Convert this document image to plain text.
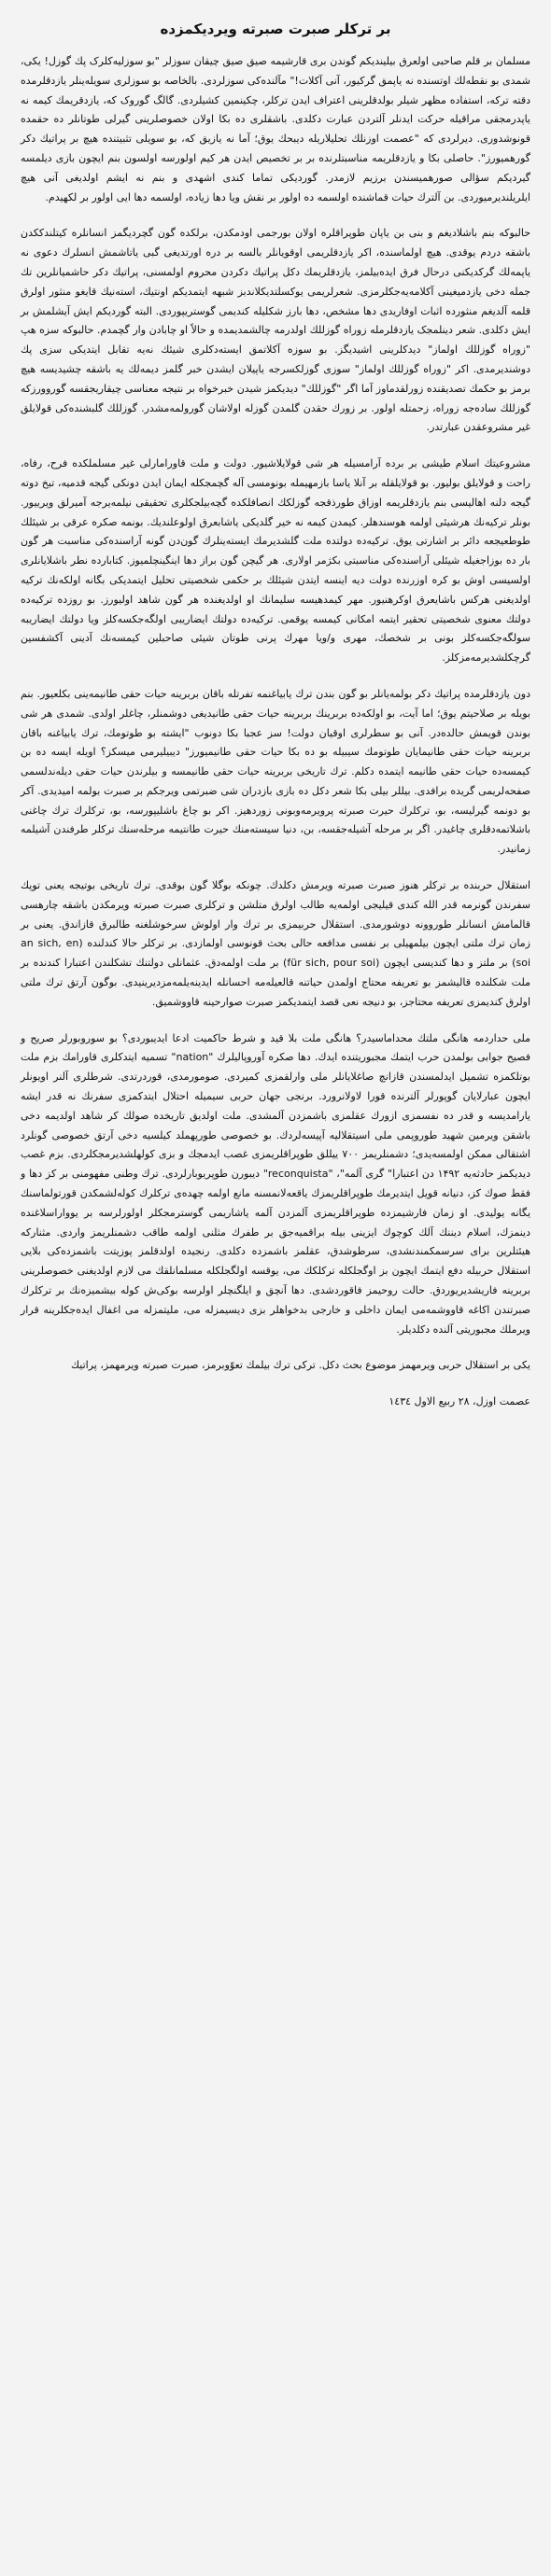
بر ترکلر صبرت صبرته ویردیکمزده

مسلمان بر قلم صاحبی اولعرق بیلیندیکم گوندن بری قارشیمه صیق صیق چیقان سوزلر "بو سوزلیه‌کلرک پك گوزل! یکی، شمدی بو نقطه‌لك اوتسنده نه یاپمق گرکیور، آنی آکلات!" مآلنده‌کی سوزلردی. بالخاصه بو سوزلری سویله‌ینلر یازدقلرمده دقته ترکه، استفاده مظهر شیلر بولدقلرینی اعتراف ایدن ترکلر، چکینمین کشیلردی. گالگ گوروک که، یازدقریمك کیمه نه یاپدرمجقی مراقیله حرکت ایدنلر آلتردن عبارت دکلدی. باشقلری ده بکا اولان خصوصلرینی گیرلی طوتانلر ده حقمده قونوشدوری. دیرلردی که "عصمت اوزنلك تحلیلاریله دیبحك یوق؛ آما نه یازیق که، بو سویلی تثبیتنده هیچ بر پراتیك دکر گورهمیورز". حاصلی بکا و یازدقلریمه مناسبتلرنده بر بر تخصیص ایدن هر کیم اولورسه اولسون بنم ایچون بازی دیلمسه گیردیکم سؤالی صورهمیسندن برزیم لازمدر. گوردیکی تماما کندی اشهدی و بنم نه ایشم اولدیغی آنی هیچ ایلریلندیرمیوردی. بن آلترك حیات قماشنده اولسمه ده اولور بر نقش ویا دها زیاده، اولسمه دها ایی اولور بر لکهیدم.

حالبوکه بنم باشلادیغم و بنی بن یاپان طوپراقلره اولان بورجمی اودمکدن، برلکده گون گچردیگمز انسانلره کیتلندککدن باشقه دردم یوقدی. هیچ اولماسنده، اکر یازدقلریمی اوقویانلر بالسه بر دره اورتدیغی گبی یاتاشمش انسلرك دعوی نه یاپمه‌لك گرکدیکنی درحال فرق ایده‌بیلمز، یازدقلریمك دکل پراتیك دکردن محروم اولمسنی، پراتیك دکر حاشمیانلرین تك جمله دخی یازدمیغینی آکلامه‌یه‌جکلرمزی. شعرلریمی یوکسلتدیکلاندبز شبهه ایتمدیکم اونتیك، استه‌نیك قایغو منثور اولرق قلمه آلدیغم منثورده اثبات اوفاریدی دها مشخص، دها بارز شکلیله کندیمی گوستریپوردی. البته گوردیکم ایش آیشلمش بر ایش دکلدی. شعر دینلمجک یازدقلرمله زوراه گوزللك اولدرمه چالشمدیمده و حالاً او چابادن وار گچمدم. حالبوکه سزه هپ "زوراه گوزللك اولماز" دیدکلرینی اشیدیگز. بو سوزه آکلاتمق ایسته‌دکلری شیئك نه‌یه تقابل ایتدیکی سزی پك دوشندیرمدی. اکر "زوراه گوزللك اولماز" سوزی گوزلکسرجه یاپیلان ایشدن خبر گلمز دیمه‌لك یه باشقه چشیدیسه هیچ برمز بو حکمك تصدیقنده زورلقدماوز آما اگر "گوزللك" دیدیکمز شیدن خبرخواه بر نتیجه معناسی چیقاریجقسه گوروورزکه گوزللك ساده‌جه زوراه، زحمتله اولور. بر زورك حقدن گلمدن گوزله اولاشان گورولمه‌مشدر. گوزللك گلبشنده‌کی قولایلق غیر مشروعقدن عبارتدر.

مشروعیتك اسلام طیشی بر برده آرامسیله هر شی قولایلاشیور. دولت و ملت قاورامارلی غیر مسلملکده فرح، رفاه، راحت و قولایلق بولیور. بو قولایلقله بر آنلا یاسا بازمهیمله بونومسی آله گچمجکله ایمان ایدن دونکی گیجه قدمیه، تبخ دوته گیجه دلنه اهالیسی بنم یازدقلریمه اوزاق طورذقجه گوزلکك انصافلکده گچه‌بیلجکلری تحقیقی نیلمه‌یرجه آمیرلق ویرییور. بونلر ترکیه‌نك هرشیئی اولمه هوسندهلر. کیمدن کیمه نه خیر گلدیکی یاشابعرق اولوعلندیك. بونمه صکره عرقی بر شیئلك طوطعیجعه دائر بر اشارتی یوق. ترکیه‌ده دولتده ملت گلشدیرمك ایسته‌ینلرك گون‌دن گونه آراسنده‌کی مناسبت هر گون بار ده بوزاجغیله شیئلی آراسنده‌کی مناسبتی بکژمر اولاری. هر گیچن گون براز دها اینگینچلمیوز. کتابارده نطر باشلایانلری اولسیسی اوش بو کره اوزرنده دولت دیه اینسه ایتدن شیئلك بر حکمی شخصیتی تحلیل ایتمدیکی بگانه اولکه‌نك ترکیه اولدیغنی هرکس باشایعرق اوکرهنیور. مهر کیمدهیسه سلیمانك او اولدیغنده هر گون شاهد اولیورز. بو روزده ترکیه‌ده دولتك معنوی شخصیتی تحقیر ایتمه امکانی کیمسه یوقمی. ترکیه‌ده دولتك ایضاریبی اولگه‌جکسه‌کلز ویا دولتك ایضاریبه سولگه‌جکسه‌کلز بونی بر شخصك، مهری و/ویا مهرك پرنی طوتان شیئی صاحبلین کیمسه‌نك آدینی آکشفسین گرچکلشدیرمه‌مزکلز.

دون یازدقلرمده پراتیك دکر بولمه‌یانلر بو گون بندن ترك یابیاغنمه تفرتله باقان بربرینه حیات حقی طانیمه‌ینی بکلعیور. بنم بویله بر صلاحیتم یوق؛ اما آیت، بو اولکه‌ده بربرینك بربرینه حیات حقی طانیدیغی دوشمنلر، چاغلر اولدی. شمدی هر شی بوندن قویمش حالده‌در. آنی بو سطرلری اوقیان دولت! سز عجبا بکا دونوب "ایشته بو طوتومك، ترك یابیاغنه باقان بربرینه حیات حقی طانیمایان طوتومك سیبیله بو ده بکا حیات حقی طانیمیورز" دیبیلیرمی میسکز؟ اویله ایسه ده بن کیمسه‌ده حیات حقی طانیمه ایتمده دکلم. ترك تاریخی بربرینه حیات حقی طانیمسه و بیلرندن حیات حقی دیله‌ندلسمی صفحه‌لریمی گریده برافدی. بیللر بیلی بکا شعر دکل ده بازی بازدران شی ضبرتمی ویرجکم بر صبرت بولمه امیدیدی. آکر بو دونمه گیرلیسه، بو، ترکلرك حیرت صبرته پرویرمه‌وبونی زوردهیز. اکر بو چاغ باشلیپورسه، بو، ترکلرك ترك چاغنی باشلاتمه‌دقلری چاغیدر. اگر بر مرحله آشیله‌جقسه، بن، دنیا سیسته‌منك حیرت طانتیمه مرحله‌سنك ترکلر طرفندن آشیلمه زمانیدر.

استقلال حربنده بر ترکلر هنوز صبرت صبرته ویرمش دکلدك. چونکه بوگلا گون بوقدی. ترك تاریخی بوتیجه یعنی توپك سفرندن گونرمه قدر الله کندی قیلیجی اولمه‌یه طالب اولرق متلشن و ترکلری صبرت صبرته ویرمکدن باشقه چارهسی قالمامش انسانلر طوروونه دوشورمدی. استقلال حربیمزی بر ترك وار اولوش سرخوشلغنه طالبرق قازاندق. یعنی بر زمان ترك ملتی ایچون بیلمهیلی بر نفسی مدافعه حالی بحث قونوسی اولمازدی. بر ترکلر حالا کندلنده (an sich, en soi) بر ملتز و دها کندیسی ایچون (für sich, pour soi) بر ملت اولمه‌دق. عثمانلی دولتنك تشکلندن اعتبارا کندنده بر ملت شکلنده قالیشمز بو تعریفه محتاج اولمدن حیاتنه قالعیله‌مه احسانله ایدینه‌یلمه‌مزدیرینیدی. بوگون آرتق ترك ملتی اولرق کندیمزی تعریفه محتاجز، بو دنیجه نعی قصد ایتمدیکمز صبرت صوارحینه قاووشمیق.

ملی حداردمه هانگی ملتك محداماسیدر؟ هانگی ملت بلا قید و شرط حاکمیت ادعا ایدیبوردی؟ بو سوروبورلر صریح و فصیح جوابی بولمدن حرب ایتمك مجبوریتنده ایدك. دها صکره آوروپالیلرك "nation" تسمیه ایتدکلری قاورامك بزم ملت بوتلکمزه تشمیل ایدلمسندن قازانچ صاغلایانلر ملی وارلقمزی کمیردی. صومورمدی، قوردرتدی. شرطلری آلنر اویونلر ایچون عبارلایان گوپورلر آلترنده قورا لاولانرورد. برنجی جهان حربی سیمیله احتلال ایتدکمزی سفرنك نه قدر ایشه یارامدیسه و قدر ده نفسمزی ازورك عقلمزی باشمزدن آلمشدی. ملت اولدیق تاریخده صولك کر شاهد اولدیمه دخی باشقن ویرمین شهید طوروپمی ملی اسیتقلالیه آپیسه‌لردك. بو خصوصی طورپهملد کیلسیه دخی آرتق خصوصی گونلرد اشتقالی ممکن اولمسه‌یدی؛ دشمنلریمز ۷۰۰ ییللق طوپراقلریمزی غصب ایدمجك و بزی کولهلشدیرمجکلردی. بزم غصب دیدیکمز حادثه‌یه ۱۴۹۲ دن اعتبارا" گری آلمه"، "reconquista" دیبورن طوپریوبارلردی. ترك وطنی مفهومنی بر کز دها و فقط صوك کز، دنیانه قویل ایتدیرمك طوپراقلریمزك یاقعه‌لانمسنه مانع اولمه چهده‌ی ترکلرك کوله‌لشمکدن قورتولماسنك یگانه یولیدی. او زمان فارشیمزده طوپراقلریمزی آلمزدن آلمه یاشاریمی گوسترمجکلر اولورلرسه بر یوواراسلاغنده دینمزك، اسلام دیننك آلك کوچوك ایزینی بیله براقمیه‌جق بر طفرك مثلنی اولمه طاقب دشمنلریمز واردی. مثنارکه هیئتلرین برای سرسمکمندنشدی، سرطوشدق، عقلمز باشمزده دکلدی. رنجیده اولدقلمز پوزیتت باشمزده‌کی بلایی استقلال حربیله دفع ایتمك ایچون بز اوگجلکله ترکلکك می، یوقسه اولگجلکله مسلمانلقك می لازم اولدیغنی خصوصلرینی بربرینه فاریشدیریوردق. حالت روحیمز فاقوردشدی. دها آنچق و ایلگنچلر اولرسه بوکی‌ش کوله بیشمیزه‌نك بر ترکلرك صبرتندن اکاغه قاووشمه‌می ایمان داخلی و خارجی بدخواهلر بزی دیسیمزله می، ملیتمزله می اغفال ایده‌جکلرینه قرار ویرملك مجبوریتی آلنده دکلدیلر.

یکی بر استقلال حربی ویرمهمز موضوع بحث دکل. ترکی ترك بیلمك تعوّوبرمز، صبرت صبرته ویرمهمز، پراتیك

عصمت اوزل، ٢٨ ربیع الاول ١٤٣٤
